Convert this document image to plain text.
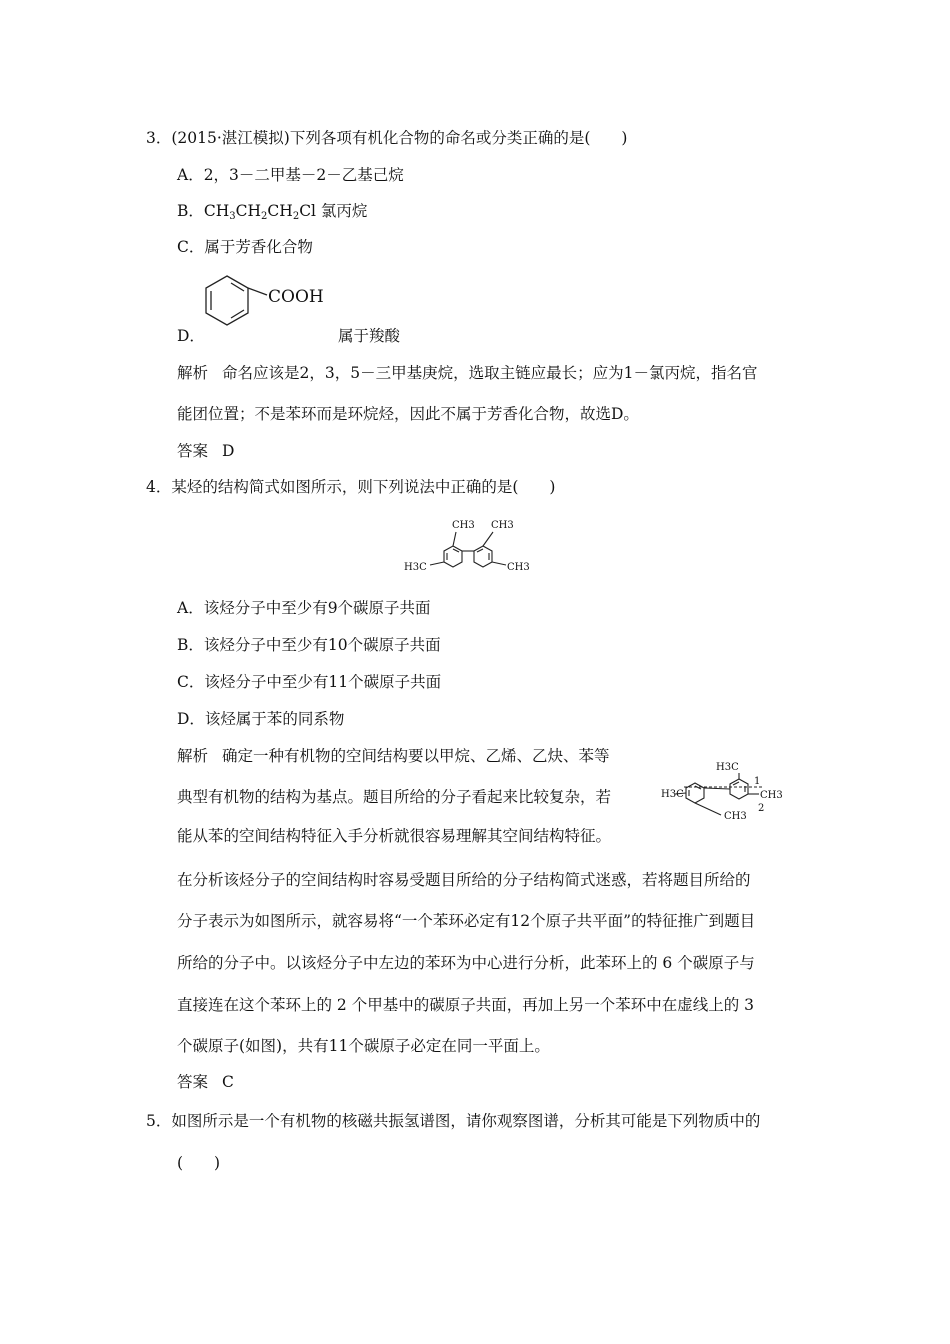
3．(2015·湛江模拟)下列各项有机化合物的命名或分类正确的是(　　)
A．2，3－二甲基－2－乙基己烷
B．$CH_3CH_2CH_2Cl$ 氯丙烷
C．属于芳香化合物
COOH
D．	属于羧酸
解析 命名应该是2，3，5－三甲基庚烷，选取主链应最长；应为1－氯丙烷，指名官
能团位置；不是苯环而是环烷烃，因此不属于芳香化合物，故选D。
答案 D
4．某烃的结构简式如图所示，则下列说法中正确的是(　　)
CH3 CH3
H3C	CH3
A．该烃分子中至少有9个碳原子共面
B．该烃分子中至少有10个碳原子共面
C．该烃分子中至少有11个碳原子共面
D．该烃属于苯的同系物
解析 确定一种有机物的空间结构要以甲烷、乙烯、乙炔、苯等
典型有机物的结构为基点。题目所给的分子看起来比较复杂，若
能从苯的空间结构特征入手分析就很容易理解其空间结构特征。
H3C
H3C
CH3
CH3
1
2
在分析该烃分子的空间结构时容易受题目所给的分子结构简式迷惑，若将题目所给的
分子表示为如图所示，就容易将“一个苯环必定有12个原子共平面”的特征推广到题目
所给的分子中。以该烃分子中左边的苯环为中心进行分析，此苯环上的 6 个碳原子与
直接连在这个苯环上的 2 个甲基中的碳原子共面，再加上另一个苯环中在虚线上的 3
个碳原子(如图)，共有11个碳原子必定在同一平面上。
答案 C
5．如图所示是一个有机物的核磁共振氢谱图，请你观察图谱，分析其可能是下列物质中的
(　　)
